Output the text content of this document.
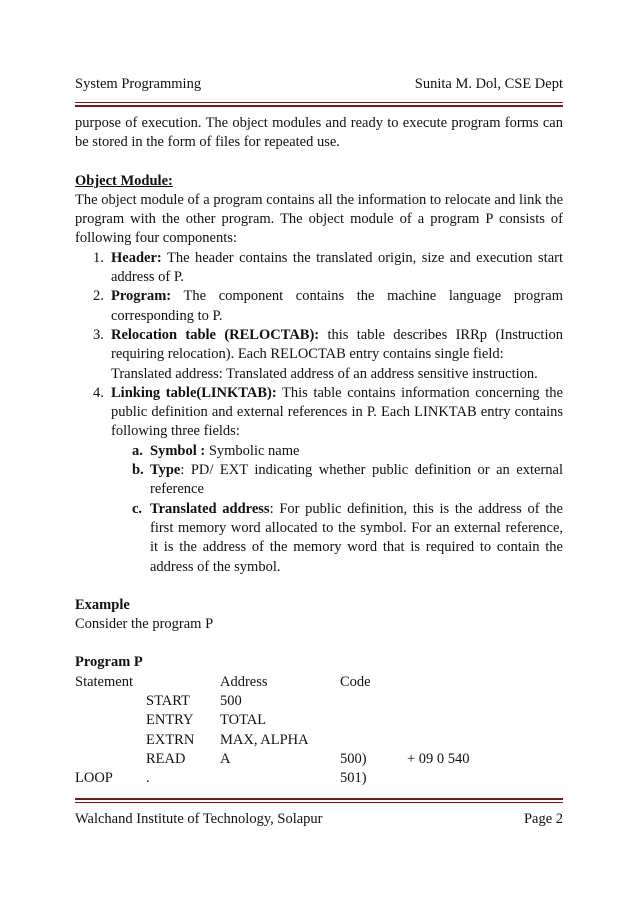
System Programming	Sunita M. Dol, CSE Dept

purpose of execution. The object modules and ready to execute program forms can be stored in the form of files for repeated use.

Object Module:

The object module of a program contains all the information to relocate and link the program with the other program. The object module of a program P consists of following four components:

1. Header: The header contains the translated origin, size and execution start address of P.
2. Program: The component contains the machine language program corresponding to P.
3. Relocation table (RELOCTAB): this table describes IRRp (Instruction requiring relocation). Each RELOCTAB entry contains single field:
Translated address: Translated address of an address sensitive instruction.
4. Linking table(LINKTAB): This table contains information concerning the public definition and external references in P. Each LINKTAB entry contains following three fields:
a. Symbol : Symbolic name
b. Type: PD/ EXT indicating whether public definition or an external reference
c. Translated address: For public definition, this is the address of the first memory word allocated to the symbol. For an external reference, it is the address of the memory word that is required to contain the address of the symbol.

Example

Consider the program P

Program P

Statement	Address	Code
START 500
ENTRY TOTAL
EXTRN MAX, ALPHA
READ A	500)	+ 09 0 540
LOOP .	501)
Walchand Institute of Technology, Solapur	Page 2
